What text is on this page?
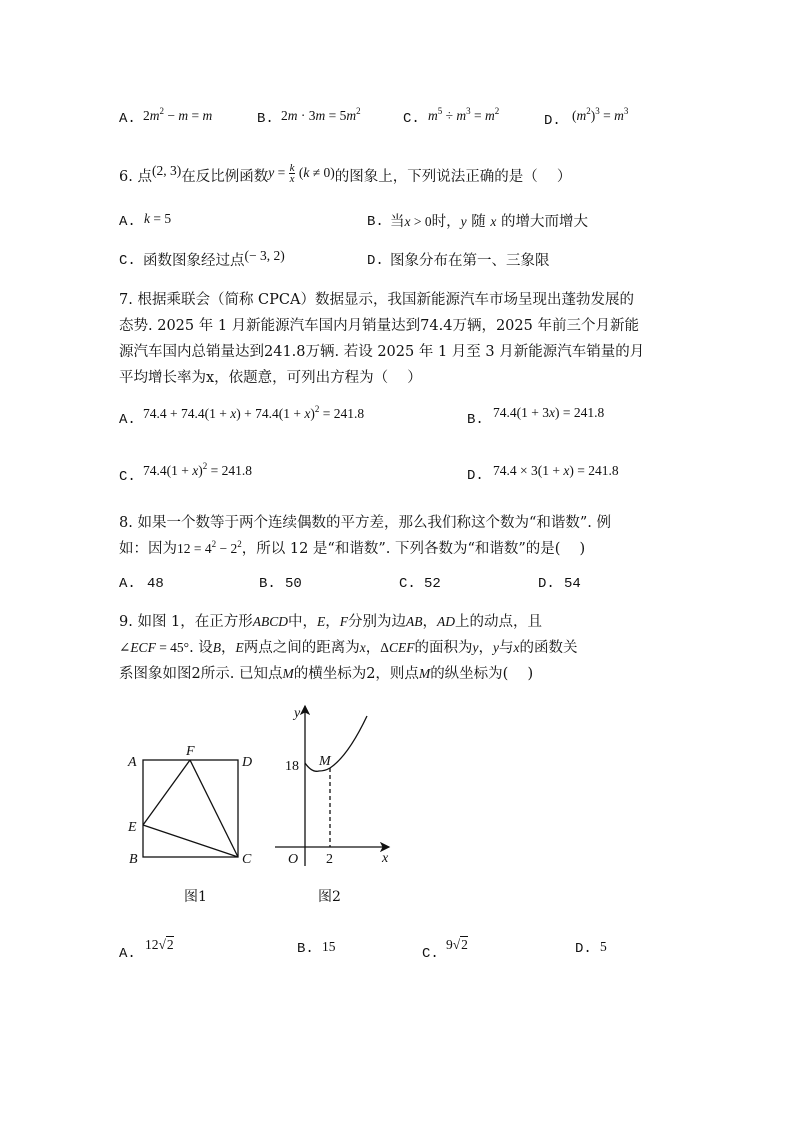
A. $2m^2 - m = m$	B. $2m \cdot 3m = 5m^2$	C. $m^5 \div m^3 = m^2$
D. $(m^2)^3 = m^3$
6. 点(2, 3)在反比例函数$y = \frac{k}{x} (k \ne 0)$的图象上，下列说法正确的是（　 ）
A. k = 5	B. 当x > 0时，y 随 x 的增大而增大
C. 函数图象经过点(− 3, 2)	D. 图象分布在第一、三象限
7. 根据乘联会（简称 CPCA）数据显示，我国新能源汽车市场呈现出蓬勃发展的
态势. 2025 年 1 月新能源汽车国内月销量达到74.4万辆，2025 年前三个月新能
源汽车国内总销量达到241.8万辆. 若设 2025 年 1 月至 3 月新能源汽车销量的月
平均增长率为x，依题意，可列出方程为（　 ）
A. $74.4 + 74.4(1 + x) + 74.4(1 + x)^2 = 241.8$	B. 74.4(1 + 3x) = 241.8
C. $74.4(1 + x)^2 = 241.8$	D. 74.4 × 3(1 + x) = 241.8
8. 如果一个数等于两个连续偶数的平方差，那么我们称这个数为“和谐数”. 例
如：因为$12 = 4^2 - 2^2$，所以 12 是“和谐数”. 下列各数为“和谐数”的是(　 )
A. 48	B. 50	C. 52	D. 54
9. 如图 1，在正方形ABCD中，E，F分别为边AB，AD上的动点，且
∠ECF = 45°. 设B，E两点之间的距离为x，ΔCEF的面积为y，y与x的函数关
系图象如图2所示. 已知点M的横坐标为2，则点M的纵坐标为(　 )
A
F
D
E
B	C
y
x
O
18
2
M
图1	图2
A.
12√2	B. 15	C.
9√2	D. 5
